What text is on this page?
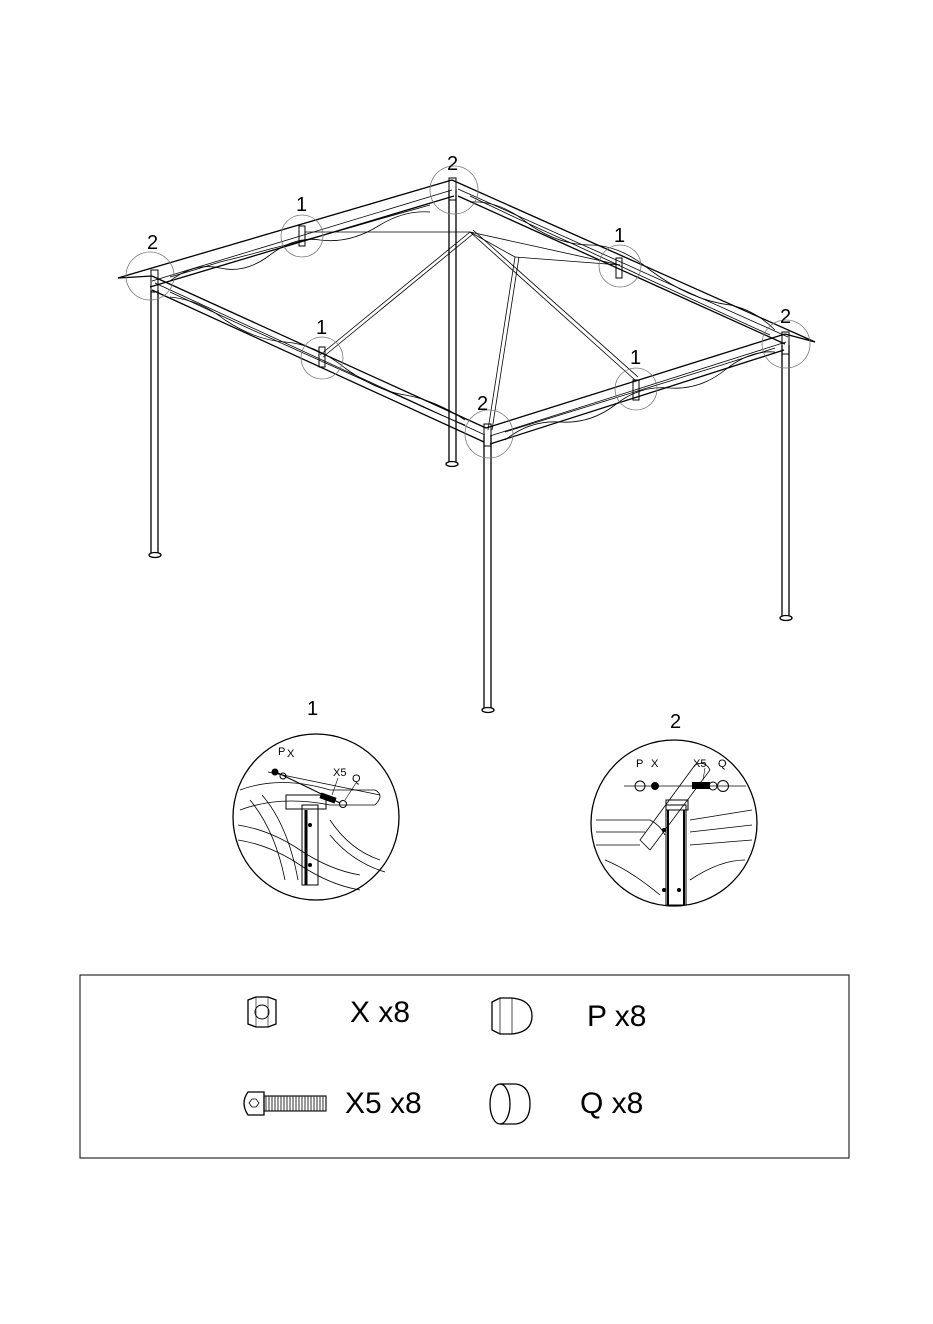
2
2
2
2
1
1
1
1
1
P X
X5 Q
2
P X	X5 Q
X x8	P x8
X5 x8	Q x8
